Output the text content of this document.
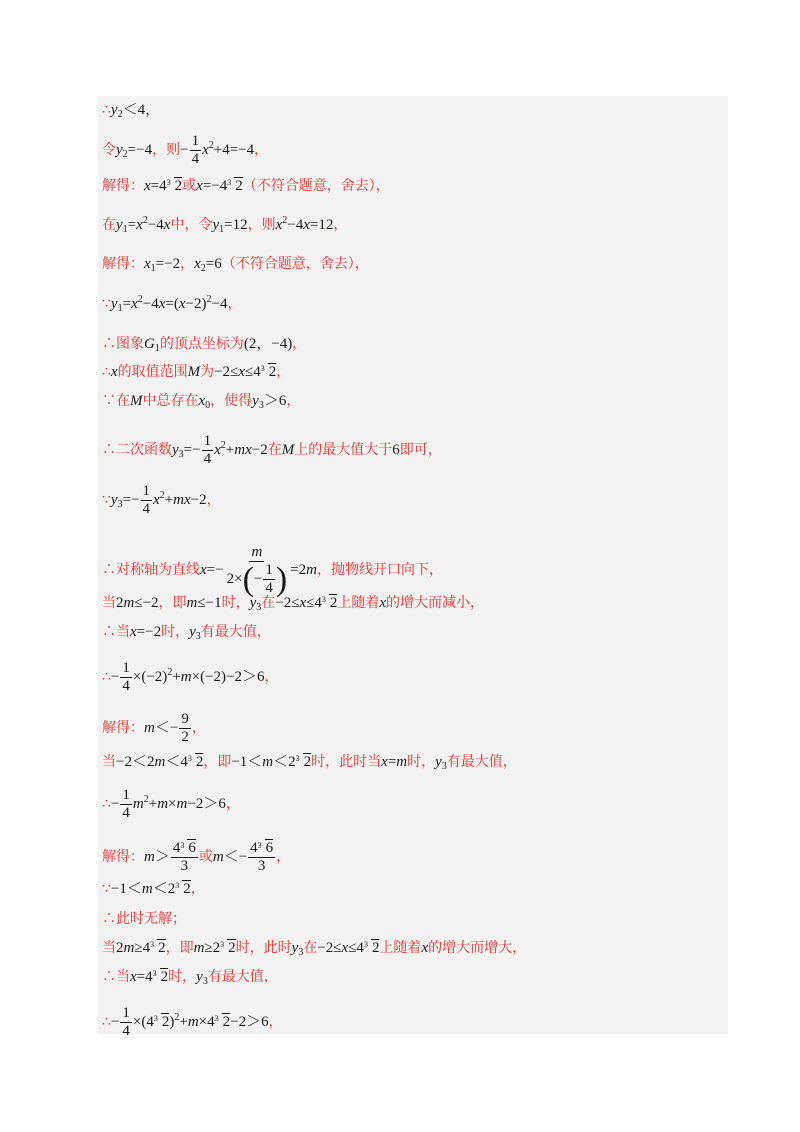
$\therefore y_2<4$，
令$y_2=-4$，则− $\frac{1}{4} x^2+4=-4$，
解得：x=4 3 2或x=−4 3 2（不符合题意，舍去），
在$y_1=x^2-4x$中，令$y_1=12$，则$x^2-4x=12$，
解得：$x_1=-2$，$x_2=6$（不符合题意，舍去），
$\because y_1=x^2-4x=(x-2)^2-4$，
∴图象$G_1$的顶点坐标为(2，−4)，
∴x的取值范围M为−2≤x≤4 3 2，
∵在M中总存在$x_0$，使得$y_3>6$，
∴二次函数$y_3=- \frac{1}{4} x^2+mx-2$在M上的最大值大于6即可，
$\because y_3=- \frac{1}{4} x^2+mx-2$，
∴对称轴为直线$x=- \frac{m}{2\times ( - \frac{1}{4} )} =2m$，抛物线开口向下，
当2m≤−2，即m≤−1时，$y_3$在−2≤x≤4 3 2上随着x的增大而减小，
∴当x=−2时，$y_3$有最大值，
∴− $\frac{1}{4} \times(-2)^2+m\times(-2)-2>6$，
解得：$m<- \frac{9}{2}$ ，
当−2＜2m＜4 3 2，即−1＜m＜2 3 2时，此时当x=m时，$y_3$有最大值，
∴− $\frac{1}{4} m^2+m\times m-2>6$，
解得：$m> \frac{4 3 6}{3}$ 或$m<- \frac{4 3 6}{3}$ ，
∵−1＜m＜2 3 2，
∴此时无解；
当2m≥4 3 2，即m≥2 3 2时，此时$y_3$在−2≤x≤4 3 2上随着x的增大而增大，
∴当x=4 3 2时，$y_3$有最大值，
∴− $\frac{1}{4} \times(4$ 3 2)$^2$+m×4 3 2−2＞6，
